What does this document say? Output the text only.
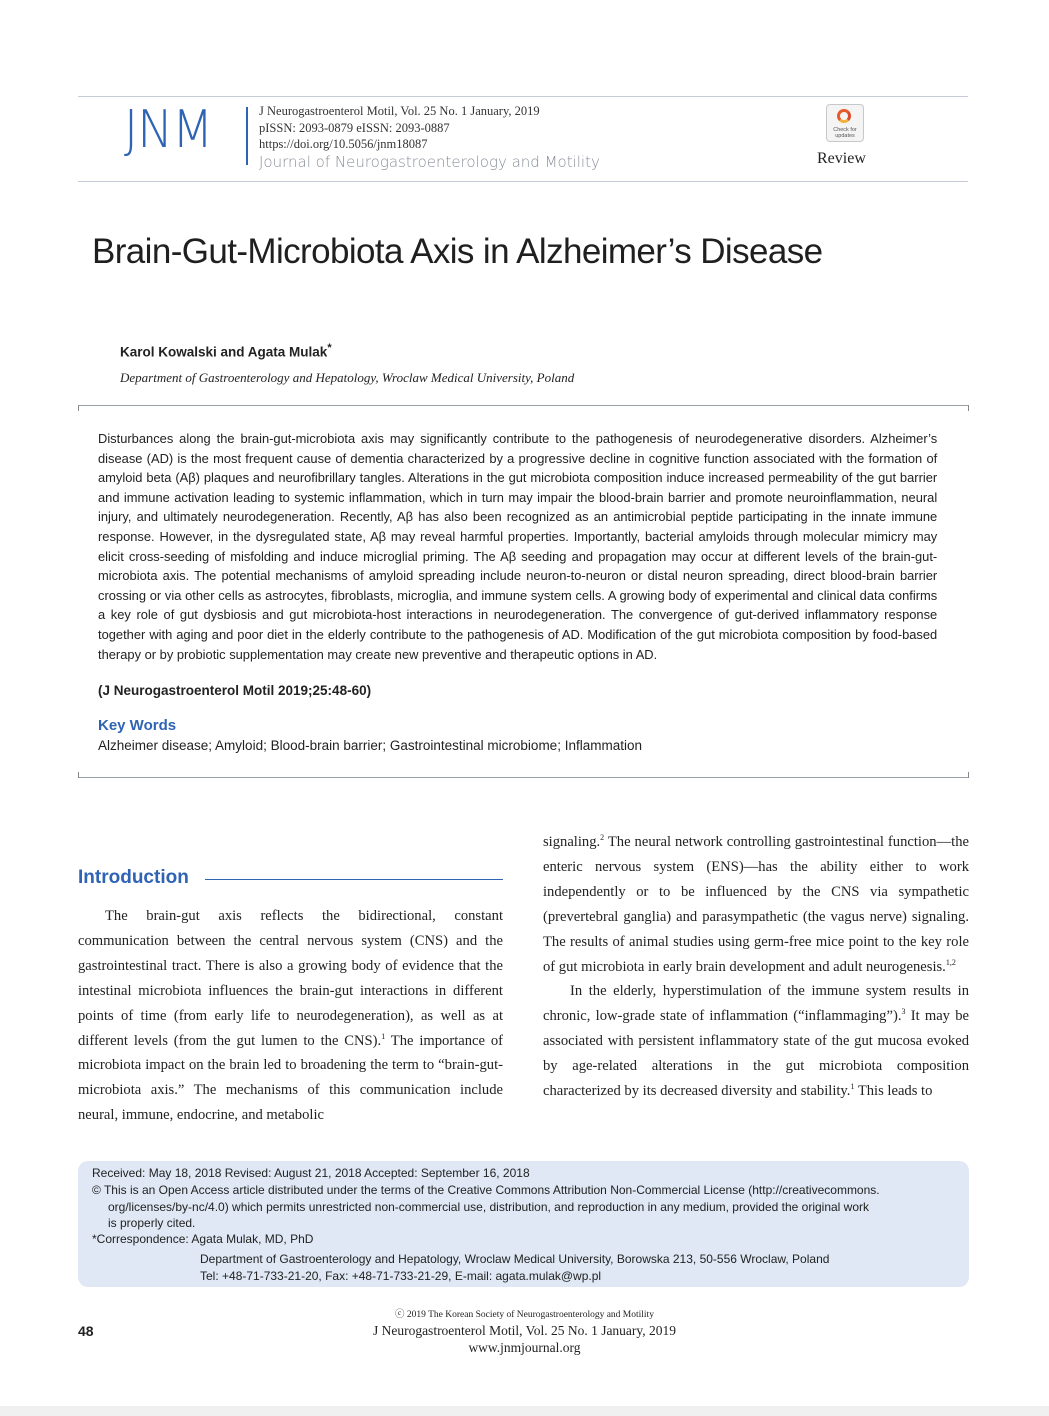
JNM	J Neurogastroenterol Motil, Vol. 25 No. 1 January, 2019
pISSN: 2093-0879 eISSN: 2093-0887
https://doi.org/10.5056/jnm18087
Journal of Neurogastroenterology and Motility
Check for updates
Review
Brain-Gut-Microbiota Axis in Alzheimer’s Disease
Karol Kowalski and Agata Mulak*
Department of Gastroenterology and Hepatology, Wroclaw Medical University, Poland
Disturbances along the brain-gut-microbiota axis may significantly contribute to the pathogenesis of neurodegenerative disorders. Alzheimer’s disease (AD) is the most frequent cause of dementia characterized by a progressive decline in cognitive function associated with the formation of amyloid beta (Aβ) plaques and neurofibrillary tangles. Alterations in the gut microbiota composition induce increased permeability of the gut barrier and immune activation leading to systemic inflammation, which in turn may impair the blood-brain barrier and promote neuroinflammation, neural injury, and ultimately neurodegeneration. Recently, Aβ has also been recognized as an antimicrobial peptide participating in the innate immune response. However, in the dysregulated state, Aβ may reveal harmful properties. Importantly, bacterial amyloids through molecular mimicry may elicit cross-seeding of misfolding and induce microglial priming. The Aβ seeding and propagation may occur at different levels of the brain-gut-microbiota axis. The potential mechanisms of amyloid spreading include neuron-to-neuron or distal neuron spreading, direct blood-brain barrier crossing or via other cells as astrocytes, fibroblasts, microglia, and immune system cells. A growing body of experimental and clinical data confirms a key role of gut dysbiosis and gut microbiota-host interactions in neurodegeneration. The convergence of gut-derived inflammatory response together with aging and poor diet in the elderly contribute to the pathogenesis of AD. Modification of the gut microbiota composition by food-based therapy or by probiotic supplementation may create new preventive and therapeutic options in AD.
(J Neurogastroenterol Motil 2019;25:48-60)
Key Words
Alzheimer disease; Amyloid; Blood-brain barrier; Gastrointestinal microbiome; Inflammation
Introduction

The brain-gut axis reflects the bidirectional, constant communication between the central nervous system (CNS) and the gastrointestinal tract. There is also a growing body of evidence that the intestinal microbiota influences the brain-gut interactions in different points of time (from early life to neurodegeneration), as well as at different levels (from the gut lumen to the CNS).$^1$ The importance of microbiota impact on the brain led to broadening the term to “brain-gut-microbiota axis.” The mechanisms of this communication include neural, immune, endocrine, and metabolic

signaling.$^2$ The neural network controlling gastrointestinal function—the enteric nervous system (ENS)—has the ability either to work independently or to be influenced by the CNS via sympathetic (prevertebral ganglia) and parasympathetic (the vagus nerve) signaling. The results of animal studies using germ-free mice point to the key role of gut microbiota in early brain development and adult neurogenesis.$^{1,2}$

In the elderly, hyperstimulation of the immune system results in chronic, low-grade state of inflammation (“inflammaging”).$^3$ It may be associated with persistent inflammatory state of the gut mucosa evoked by age-related alterations in the gut microbiota composition characterized by its decreased diversity and stability.$^1$ This leads to

Received: May 18, 2018 Revised: August 21, 2018 Accepted: September 16, 2018
© This is an Open Access article distributed under the terms of the Creative Commons Attribution Non-Commercial License (http://creativecommons.
org/licenses/by-nc/4.0) which permits unrestricted non-commercial use, distribution, and reproduction in any medium, provided the original work
is properly cited.
*Correspondence: Agata Mulak, MD, PhD
Department of Gastroenterology and Hepatology, Wroclaw Medical University, Borowska 213, 50-556 Wroclaw, Poland
Tel: +48-71-733-21-20, Fax: +48-71-733-21-29, E-mail: agata.mulak@wp.pl
ⓒ 2019 The Korean Society of Neurogastroenterology and Motility
48	J Neurogastroenterol Motil, Vol. 25 No. 1 January, 2019
www.jnmjournal.org
